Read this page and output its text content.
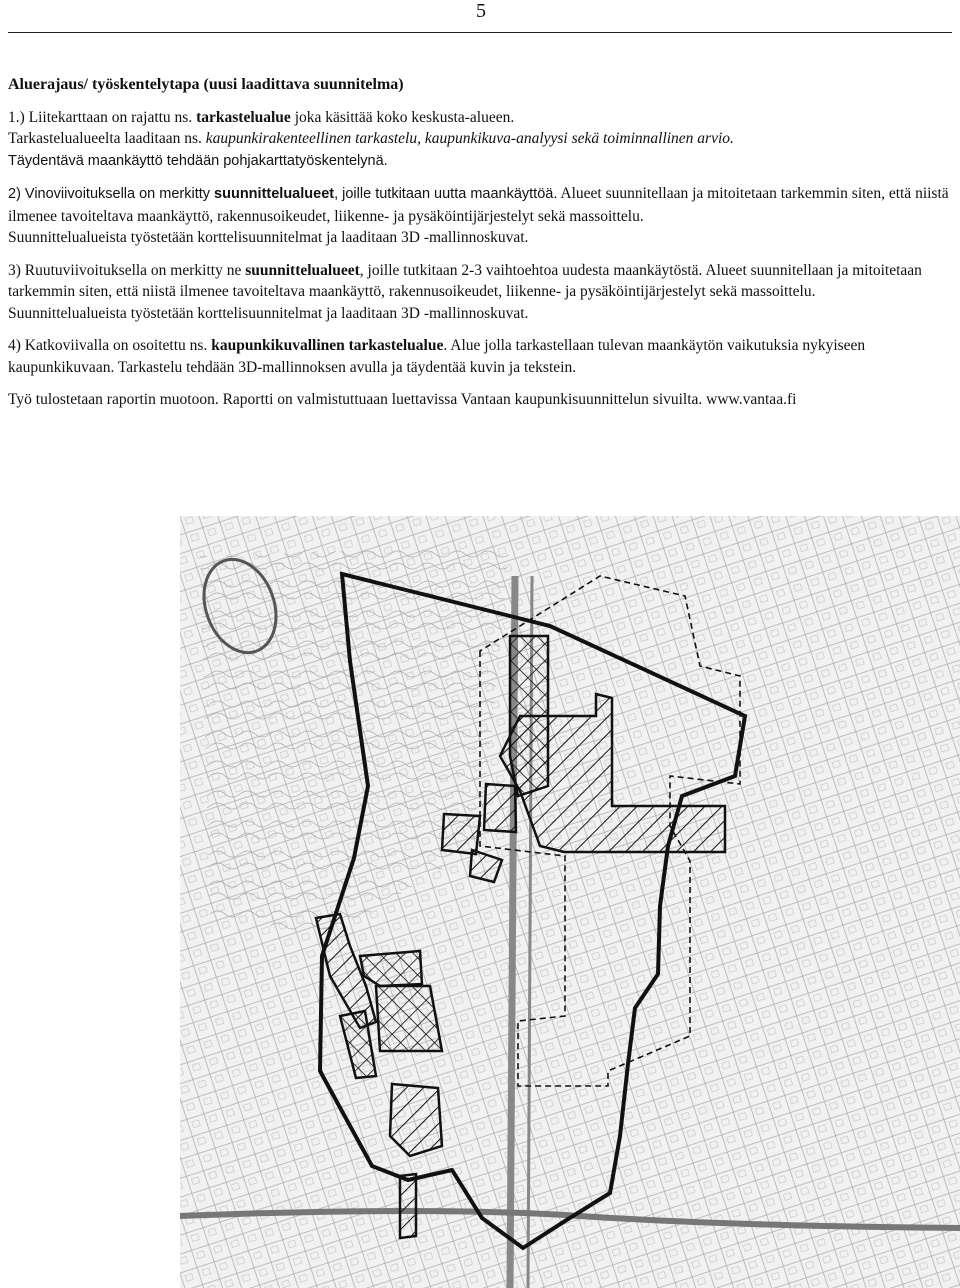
5
Aluerajaus/ työskentelytapa (uusi laadittava suunnitelma)

1.) Liitekarttaan on rajattu ns. tarkastelualue joka käsittää koko keskusta-alueen.
Tarkastelualueelta laaditaan ns. kaupunkirakenteellinen tarkastelu, kaupunkikuva-analyysi sekä toiminnallinen arvio.
Täydentävä maankäyttö tehdään pohjakarttatyöskentelynä.

2) Vinoviivoituksella on merkitty suunnittelualueet, joille tutkitaan uutta maankäyttöä. Alueet suunnitellaan ja mitoitetaan tarkemmin siten, että niistä ilmenee tavoiteltava maankäyttö, rakennusoikeudet, liikenne- ja pysäköintijärjestelyt sekä massoittelu.
Suunnittelualueista työstetään korttelisuunnitelmat ja laaditaan 3D -mallinnoskuvat.

3) Ruutuviivoituksella on merkitty ne suunnittelualueet, joille tutkitaan 2-3 vaihtoehtoa uudesta maankäytöstä. Alueet suunnitellaan ja mitoitetaan tarkemmin siten, että niistä ilmenee tavoiteltava maankäyttö, rakennusoikeudet, liikenne- ja pysäköintijärjestelyt sekä massoittelu.
Suunnittelualueista työstetään korttelisuunnitelmat ja laaditaan 3D -mallinnoskuvat.

4) Katkoviivalla on osoitettu ns. kaupunkikuvallinen tarkastelualue. Alue jolla tarkastellaan tulevan maankäytön vaikutuksia nykyiseen kaupunkikuvaan. Tarkastelu tehdään 3D-mallinnoksen avulla ja täydentää kuvin ja tekstein.

Työ tulostetaan raportin muotoon. Raportti on valmistuttuaan luettavissa Vantaan kaupunkisuunnittelun sivuilta. www.vantaa.fi
